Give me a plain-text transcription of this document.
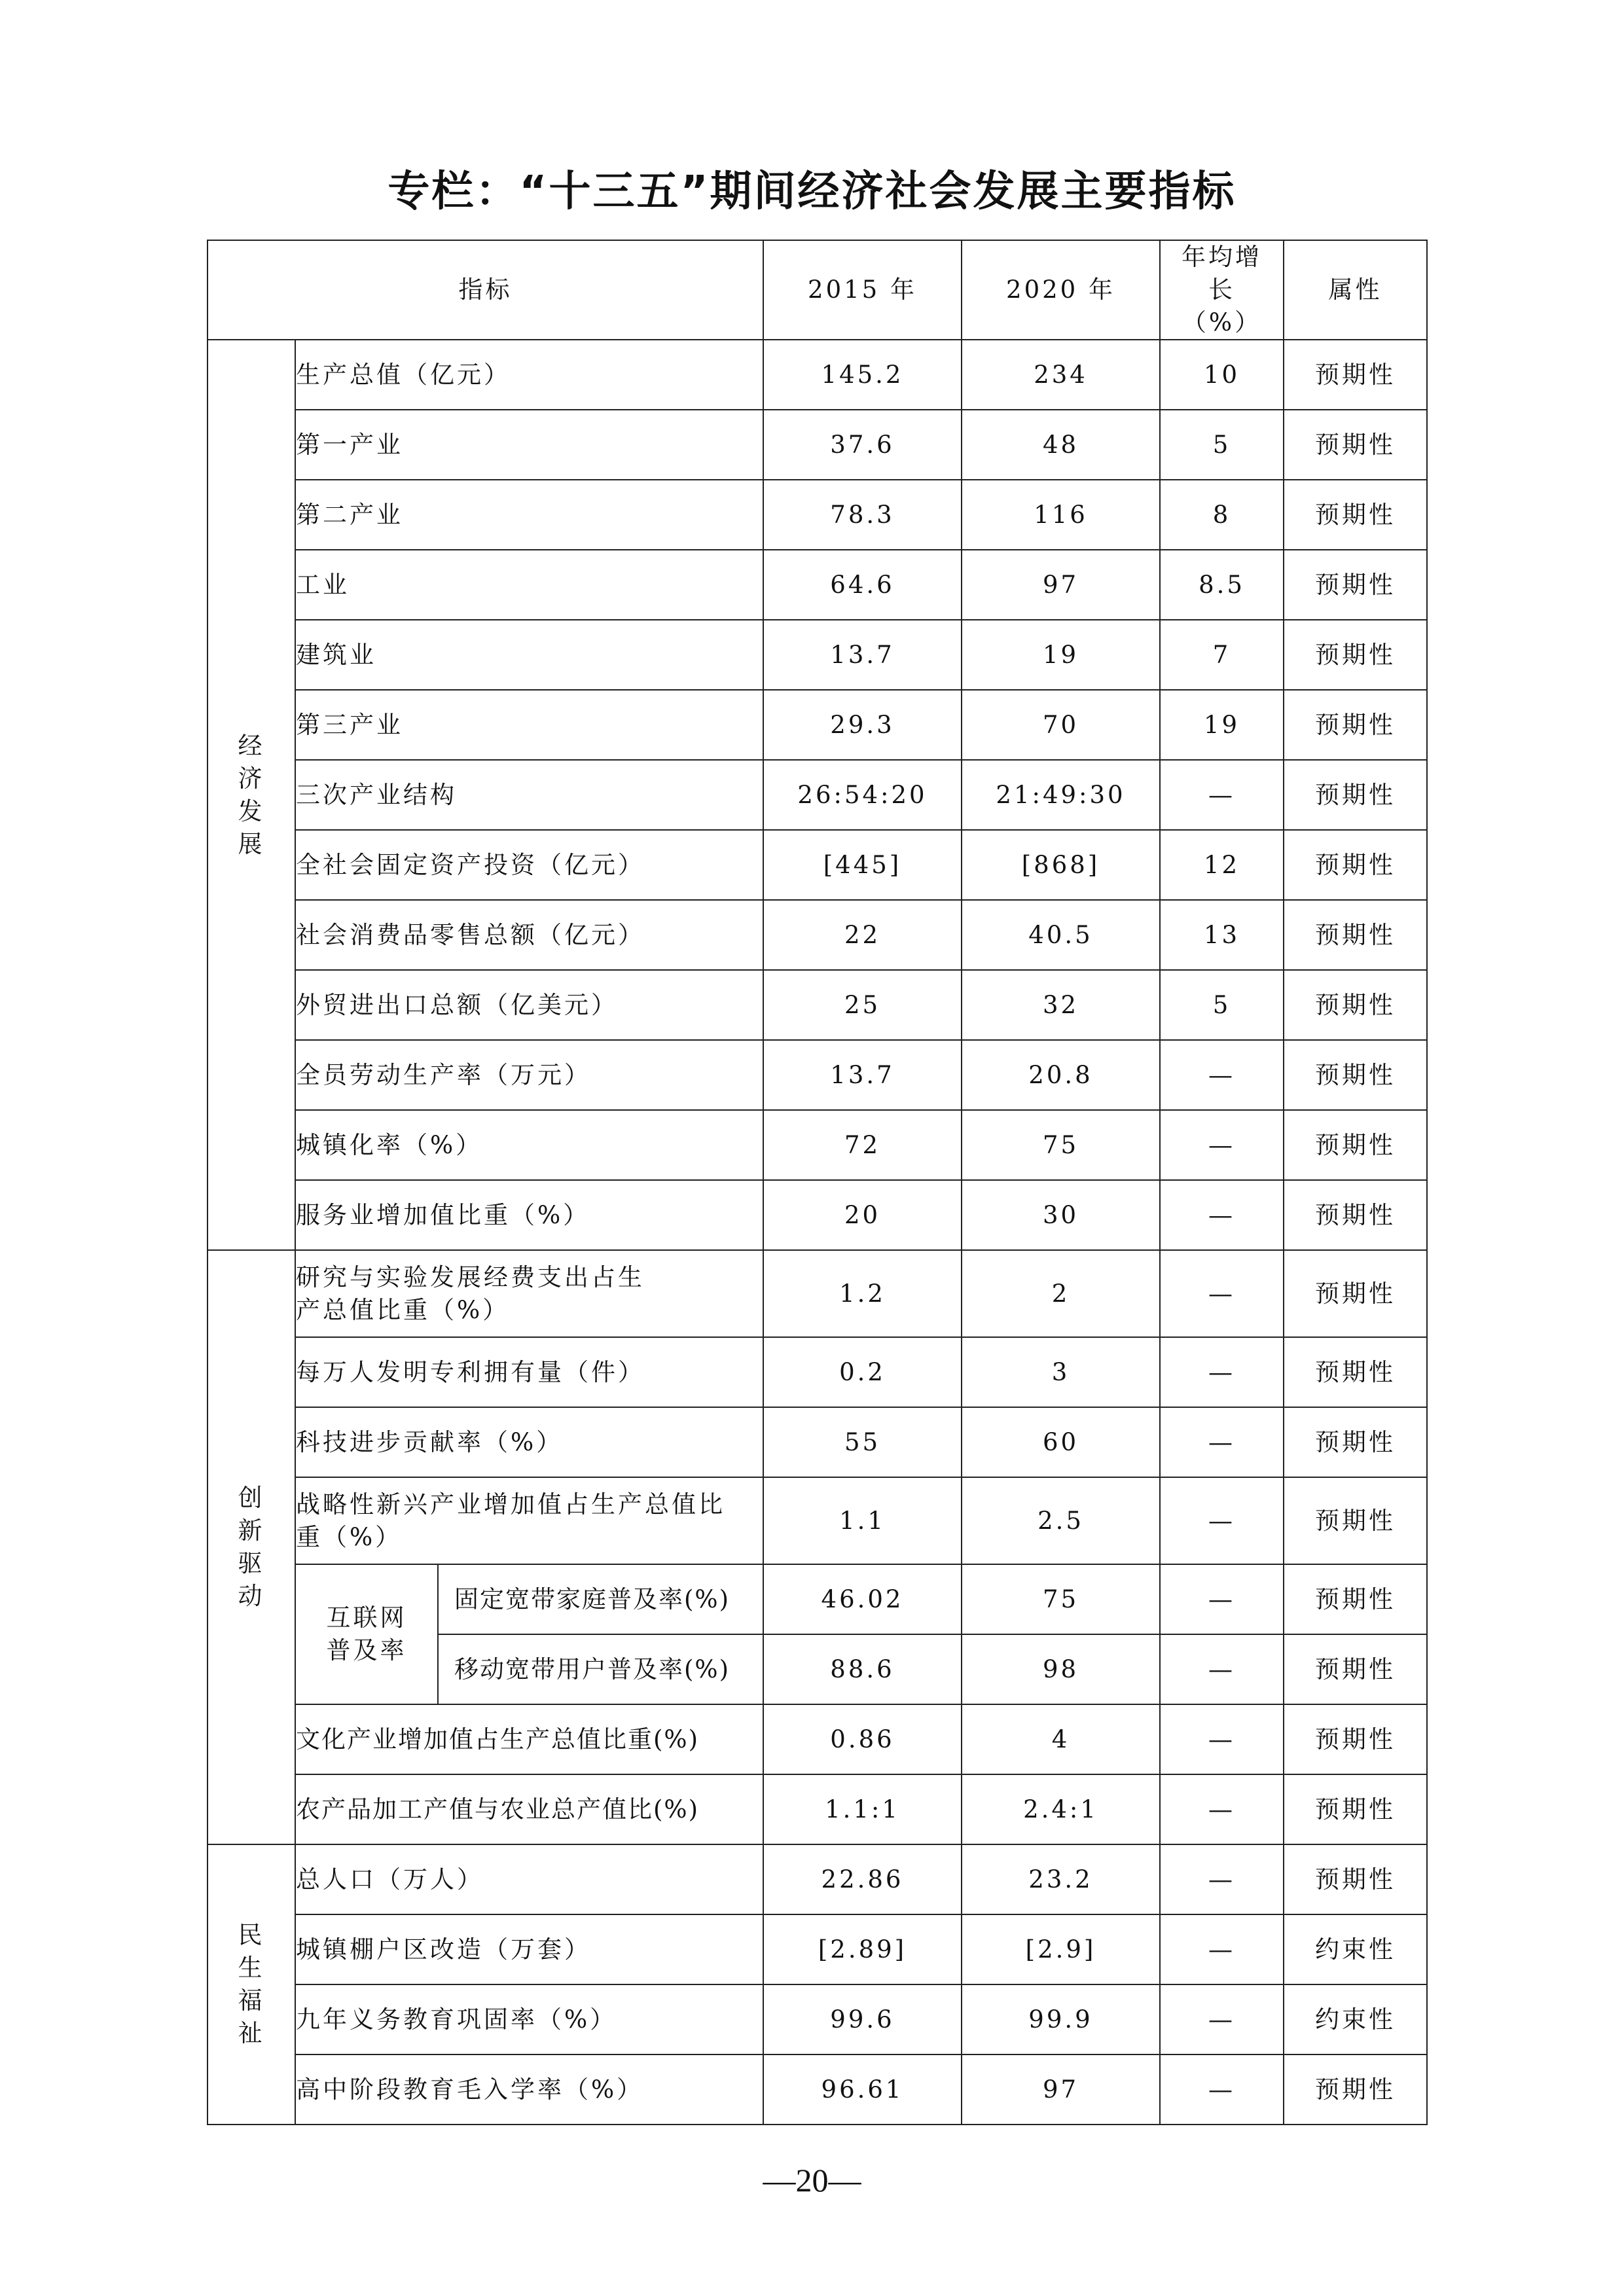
专栏：“十三五”期间经济社会发展主要指标
指标			2015 年	2020 年	年均增长（%）	属性
经济发展	生产总值（亿元）		145.2	234	10	预期性
	第一产业		37.6	48	5	预期性
	第二产业		78.3	116	8	预期性
	工业		64.6	97	8.5	预期性
	建筑业		13.7	19	7	预期性
	第三产业		29.3	70	19	预期性
	三次产业结构		26:54:20	21:49:30	—	预期性
	全社会固定资产投资（亿元）		[445]	[868]	12	预期性
	社会消费品零售总额（亿元）		22	40.5	13	预期性
	外贸进出口总额（亿美元）		25	32	5	预期性
	全员劳动生产率（万元）		13.7	20.8	—	预期性
	城镇化率（%）		72	75	—	预期性
	服务业增加值比重（%）		20	30	—	预期性
创新驱动	研究与实验发展经费支出占生产总值比重（%）		1.2	2	—	预期性
	每万人发明专利拥有量（件）		0.2	3	—	预期性
	科技进步贡献率（%）		55	60	—	预期性
	战略性新兴产业增加值占生产总值比重（%）		1.1	2.5	—	预期性
	互联网普及率	固定宽带家庭普及率(%)	46.02	75	—	预期性
		移动宽带用户普及率(%)	88.6	98	—	预期性
	文化产业增加值占生产总值比重(%)		0.86	4	—	预期性
	农产品加工产值与农业总产值比(%)		1.1:1	2.4:1	—	预期性
民生福祉	总人口（万人）		22.86	23.2	—	预期性
	城镇棚户区改造（万套）		[2.89]	[2.9]	—	约束性
	九年义务教育巩固率（%）		99.6	99.9	—	约束性
	高中阶段教育毛入学率（%）		96.61	97	—	预期性
—20—
